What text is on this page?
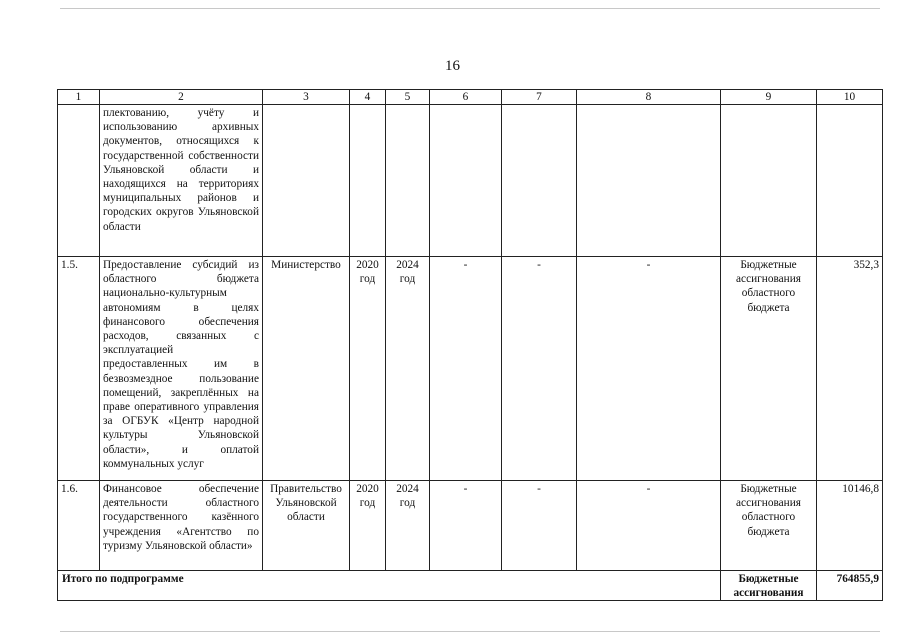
16
1	2	3	4	5	6	7	8	9	10
	плектованию, учёту и использованию архивных документов, относящихся к государственной собственности Ульяновской области и находящихся на территориях муниципальных районов и городских округов Ульяновской области								
1.5.	Предоставление субсидий из областного бюджета национально-культурным автономиям в целях финансового обеспечения расходов, связанных с эксплуатацией предоставленных им в безвозмездное пользование помещений, закреплённых на праве оперативного управления за ОГБУК «Центр народной культуры Ульяновской области», и оплатой коммунальных услуг	Министерство	2020 год	2024 год	-	-	-	Бюджетные ассигнования областного бюджета	352,3
1.6.	Финансовое обеспечение деятельности областного государственного казённого учреждения «Агентство по туризму Ульяновской области»	Правительство Ульяновской области	2020 год	2024 год	-	-	-	Бюджетные ассигнования областного бюджета	10146,8
Итого по подпрограмме								Бюджетные ассигнования	764855,9
